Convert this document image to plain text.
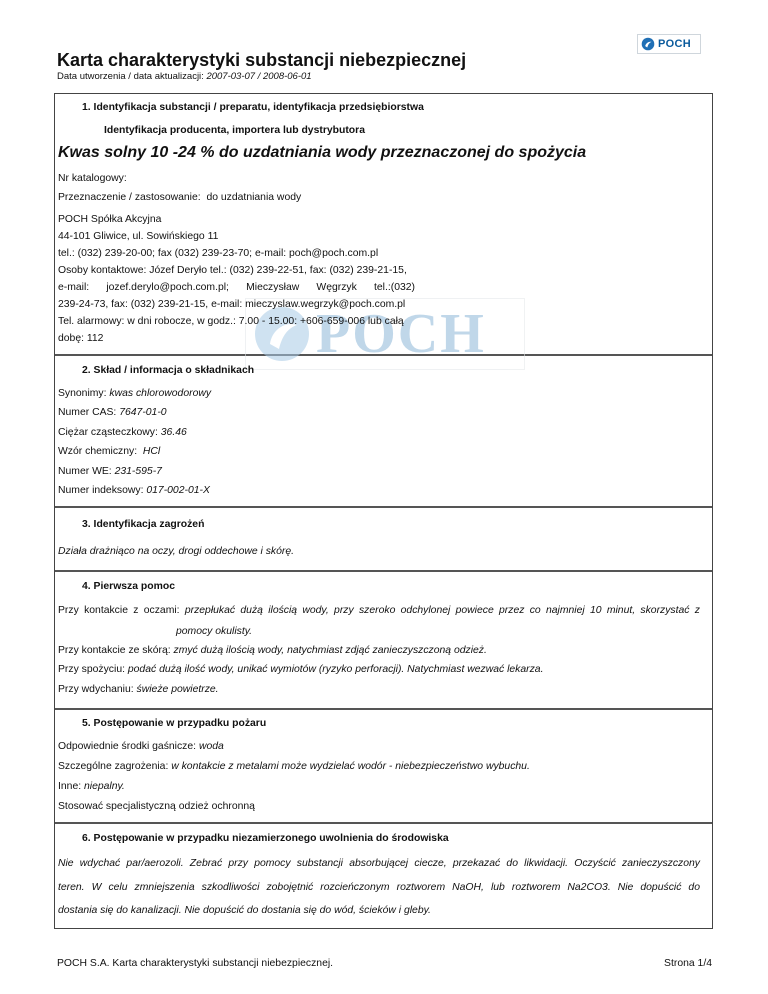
POCH
Karta charakterystyki substancji niebezpiecznej
Data utworzenia / data aktualizacji: 2007-03-07 / 2008-06-01
POCH
1. Identyfikacja substancji / preparatu, identyfikacja przedsiębiorstwa
Identyfikacja producenta, importera lub dystrybutora
Kwas solny 10 -24 % do uzdatniania wody przeznaczonej do spożycia
Nr katalogowy:
Przeznaczenie / zastosowanie: do uzdatniania wody
POCH Spółka Akcyjna
44-101 Gliwice, ul. Sowińskiego 11
tel.: (032) 239-20-00; fax (032) 239-23-70; e-mail: poch@poch.com.pl
Osoby kontaktowe: Józef Deryło tel.: (032) 239-22-51, fax: (032) 239-21-15,
e-mail: jozef.derylo@poch.com.pl; Mieczysław Węgrzyk tel.:(032)
239-24-73, fax: (032) 239-21-15, e-mail: mieczyslaw.wegrzyk@poch.com.pl
Tel. alarmowy: w dni robocze, w godz.: 7.00 - 15.00: +606-659-006 lub całą
dobę: 112
2. Skład / informacja o składnikach
Synonimy: kwas chlorowodorowy
Numer CAS: 7647-01-0
Ciężar cząsteczkowy: 36.46
Wzór chemiczny:  HCl
Numer WE: 231-595-7
Numer indeksowy: 017-002-01-X
3. Identyfikacja zagrożeń
Działa drażniąco na oczy, drogi oddechowe i skórę.
4. Pierwsza pomoc
Przy kontakcie z oczami: przepłukać dużą ilością wody, przy szeroko odchylonej powiece przez co najmniej 10 minut, skorzystać z
pomocy okulisty.
Przy kontakcie ze skórą: zmyć dużą ilością wody, natychmiast zdjąć zanieczyszczoną odzież.
Przy spożyciu: podać dużą ilość wody, unikać wymiotów (ryzyko perforacji). Natychmiast wezwać lekarza.
Przy wdychaniu: świeże powietrze.
5. Postępowanie w przypadku pożaru
Odpowiednie środki gaśnicze: woda
Szczególne zagrożenia: w kontakcie z metalami może wydzielać wodór - niebezpieczeństwo wybuchu.
Inne: niepalny.
Stosować specjalistyczną odzież ochronną
6. Postępowanie w przypadku niezamierzonego uwolnienia do środowiska
Nie wdychać par/aerozoli. Zebrać przy pomocy substancji absorbującej ciecze, przekazać do likwidacji. Oczyścić zanieczyszczony
teren. W celu zmniejszenia szkodliwości zobojętnić rozcieńczonym roztworem NaOH, lub roztworem Na2CO3. Nie dopuścić do
dostania się do kanalizacji. Nie dopuścić do dostania się do wód, ścieków i gleby.
POCH S.A. Karta charakterystyki substancji niebezpiecznej.	Strona 1/4
